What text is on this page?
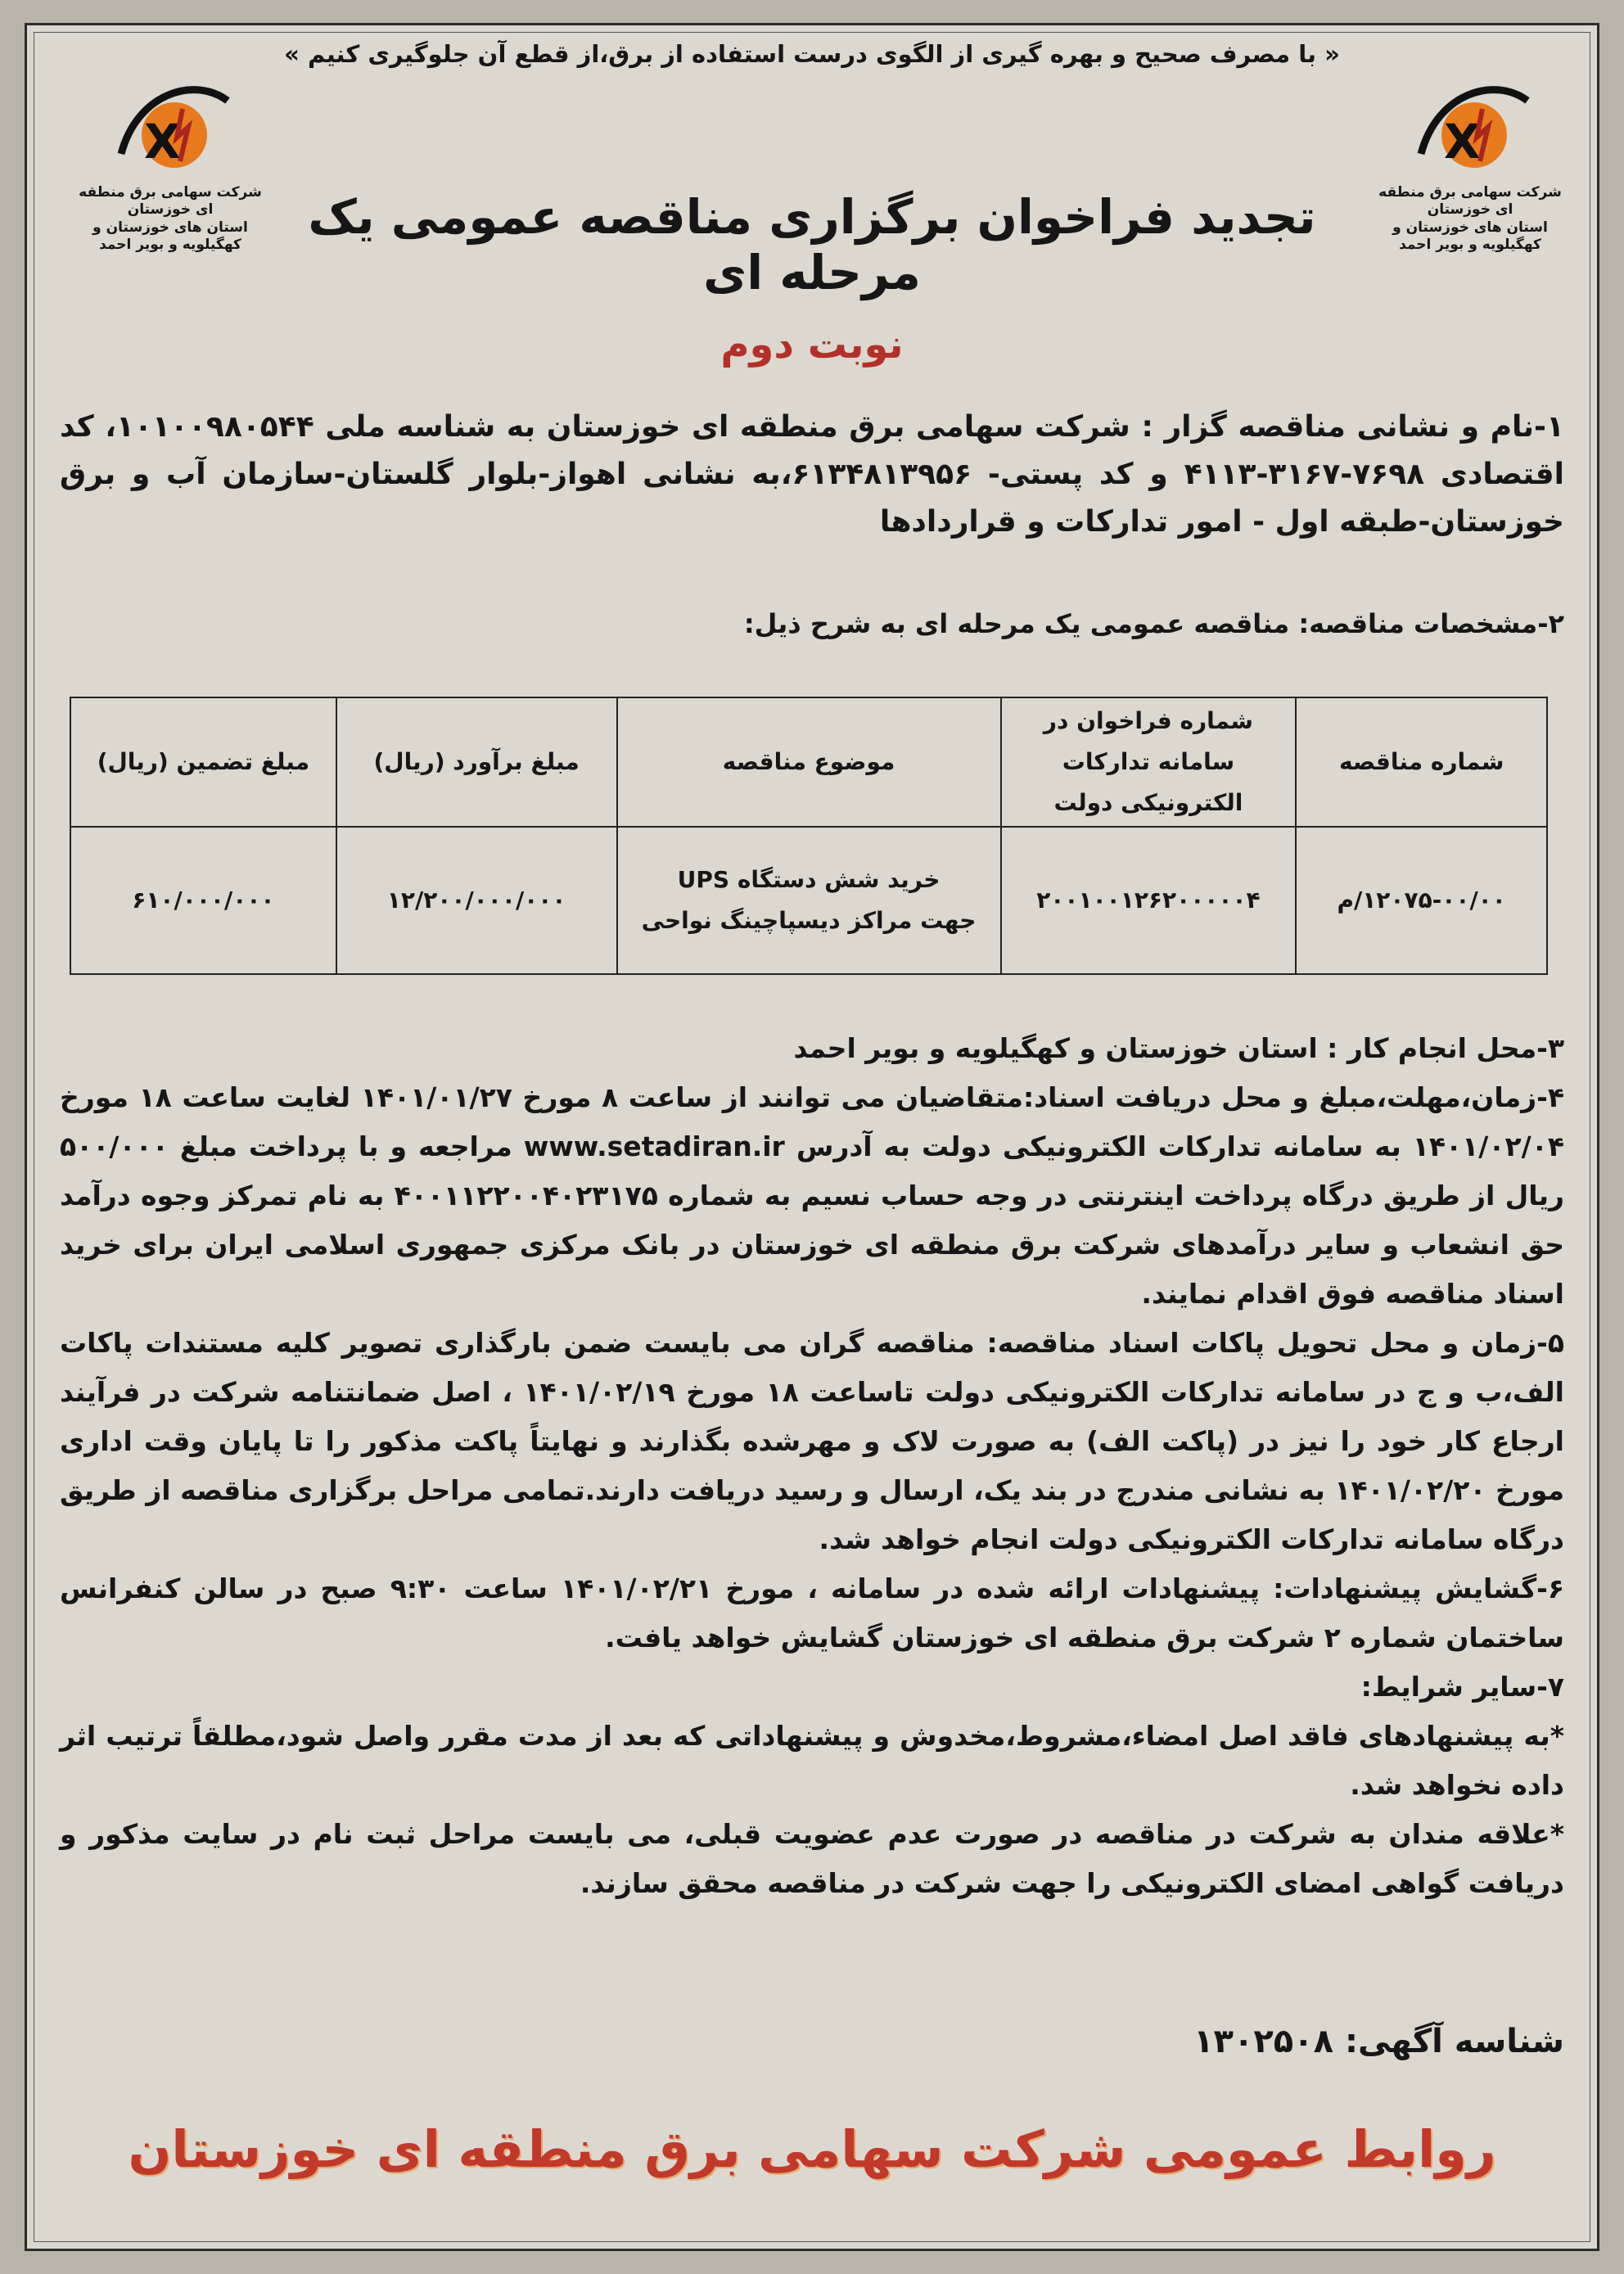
« با مصرف صحیح و بهره گیری از الگوی درست استفاده از برق،از قطع آن جلوگیری کنیم »
X
شرکت سهامی برق منطقه ای خوزستان
استان های خوزستان و کهگیلویه و بویر احمد
X
شرکت سهامی برق منطقه ای خوزستان
استان های خوزستان و کهگیلویه و بویر احمد	تجدید فراخوان برگزاری مناقصه عمومی یک مرحله ای
نوبت دوم
۱-نام و نشانی مناقصه گزار : شرکت سهامی برق منطقه ای خوزستان به شناسه ملی ۱۰۱۰۰۹۸۰۵۴۴، کد اقتصادی ۷۶۹۸-۳۱۶۷-۴۱۱۳ و کد پستی- ۶۱۳۴۸۱۳۹۵۶،به نشانی اهواز-بلوار گلستان-سازمان آب و برق خوزستان-طبقه اول - امور تدارکات و قراردادها
۲-مشخصات مناقصه: مناقصه عمومی یک مرحله ای به شرح ذیل:
شماره مناقصه	شماره فراخوان در سامانه تدارکات الکترونیکی دولت	موضوع مناقصه	مبلغ برآورد (ریال)	مبلغ تضمین (ریال)
۱۲۰۷۵-۰۰/۰۰/م	۲۰۰۱۰۰۱۲۶۲۰۰۰۰۰۴	خرید شش دستگاه UPS
جهت مراکز دیسپاچینگ نواحی	۱۲/۲۰۰/۰۰۰/۰۰۰	۶۱۰/۰۰۰/۰۰۰

۳-محل انجام کار : استان خوزستان و کهگیلویه و بویر احمد

۴-زمان،مهلت،مبلغ و محل دریافت اسناد:متقاضیان می توانند از ساعت ۸ مورخ ۱۴۰۱/۰۱/۲۷ لغایت ساعت ۱۸ مورخ ۱۴۰۱/۰۲/۰۴ به سامانه تدارکات الکترونیکی دولت به آدرس www.setadiran.ir مراجعه و با پرداخت مبلغ ۵۰۰/۰۰۰ ریال از طریق درگاه پرداخت اینترنتی در وجه حساب نسیم به شماره ۴۰۰۱۱۲۲۰۰۴۰۲۳۱۷۵ به نام تمرکز وجوه درآمد حق انشعاب و سایر درآمدهای شرکت برق منطقه ای خوزستان در بانک مرکزی جمهوری اسلامی ایران برای خرید اسناد مناقصه فوق اقدام نمایند.

۵-زمان و محل تحویل پاکات اسناد مناقصه: مناقصه گران می بایست ضمن بارگذاری تصویر کلیه مستندات پاکات الف،ب و ج در سامانه تدارکات الکترونیکی دولت تاساعت ۱۸ مورخ ۱۴۰۱/۰۲/۱۹ ، اصل ضمانتنامه شرکت در فرآیند ارجاع کار خود را نیز در (پاکت الف) به صورت لاک و مهرشده بگذارند و نهایتاً پاکت مذکور را تا پایان وقت اداری مورخ ۱۴۰۱/۰۲/۲۰ به نشانی مندرج در بند یک، ارسال و رسید دریافت دارند.تمامی مراحل برگزاری مناقصه از طریق درگاه سامانه تدارکات الکترونیکی دولت انجام خواهد شد.

۶-گشایش پیشنهادات: پیشنهادات ارائه شده در سامانه ، مورخ ۱۴۰۱/۰۲/۲۱ ساعت ۹:۳۰ صبح در سالن کنفرانس ساختمان شماره ۲ شرکت برق منطقه ای خوزستان گشایش خواهد یافت.

۷-سایر شرایط:

*به پیشنهادهای فاقد اصل امضاء،مشروط،مخدوش و پیشنهاداتی که بعد از مدت مقرر واصل شود،مطلقاً ترتیب اثر داده نخواهد شد.

*علاقه مندان به شرکت در مناقصه در صورت عدم عضویت قبلی، می بایست مراحل ثبت نام در سایت مذکور و دریافت گواهی امضای الکترونیکی را جهت شرکت در مناقصه محقق سازند.

شناسه آگهی: ۱۳۰۲۵۰۸
روابط عمومی شرکت سهامی برق منطقه ای خوزستان
